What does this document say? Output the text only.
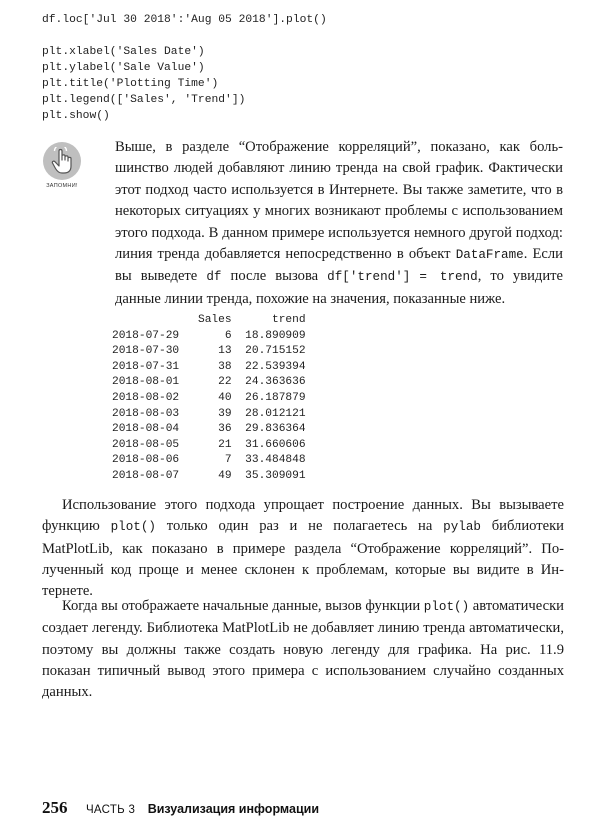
df.loc['Jul 30 2018':'Aug 05 2018'].plot()
plt.xlabel('Sales Date')
plt.ylabel('Sale Value')
plt.title('Plotting Time')
plt.legend(['Sales', 'Trend'])
plt.show()
ЗАПОМНИ!
Выше, в разделе “Отображение корреляций”, показано, как большинство людей добавляют линию тренда на свой график. Фактически этот подход часто используется в Интернете. Вы также заметите, что в некоторых ситуациях у многих возникают проблемы с использованием этого подхода. В данном примере используется немного другой подход: линия тренда добавляется непосредственно в объект DataFrame. Если вы выведете df после вызова df['trend'] = trend, то увидите данные линии тренда, похожие на значения, показанные ниже.
	Sales	trend
2018-07-29	6	18.890909
2018-07-30	13	20.715152
2018-07-31	38	22.539394
2018-08-01	22	24.363636
2018-08-02	40	26.187879
2018-08-03	39	28.012121
2018-08-04	36	29.836364
2018-08-05	21	31.660606
2018-08-06	7	33.484848
2018-08-07	49	35.309091
Использование этого подхода упрощает построение данных. Вы вызываете функцию plot() только один раз и не полагаетесь на pylab библиотеки MatPlotLib, как показано в примере раздела “Отображение корреляций”. Полученный код проще и менее склонен к проблемам, которые вы видите в Интернете.
Когда вы отображаете начальные данные, вызов функции plot() автоматически создает легенду. Библиотека MatPlotLib не добавляет линию тренда автоматически, поэтому вы должны также создать новую легенду для графика. На рис. 11.9 показан типичный вывод этого примера с использованием случайно созданных данных.
256 ЧАСТЬ 3 Визуализация информации
